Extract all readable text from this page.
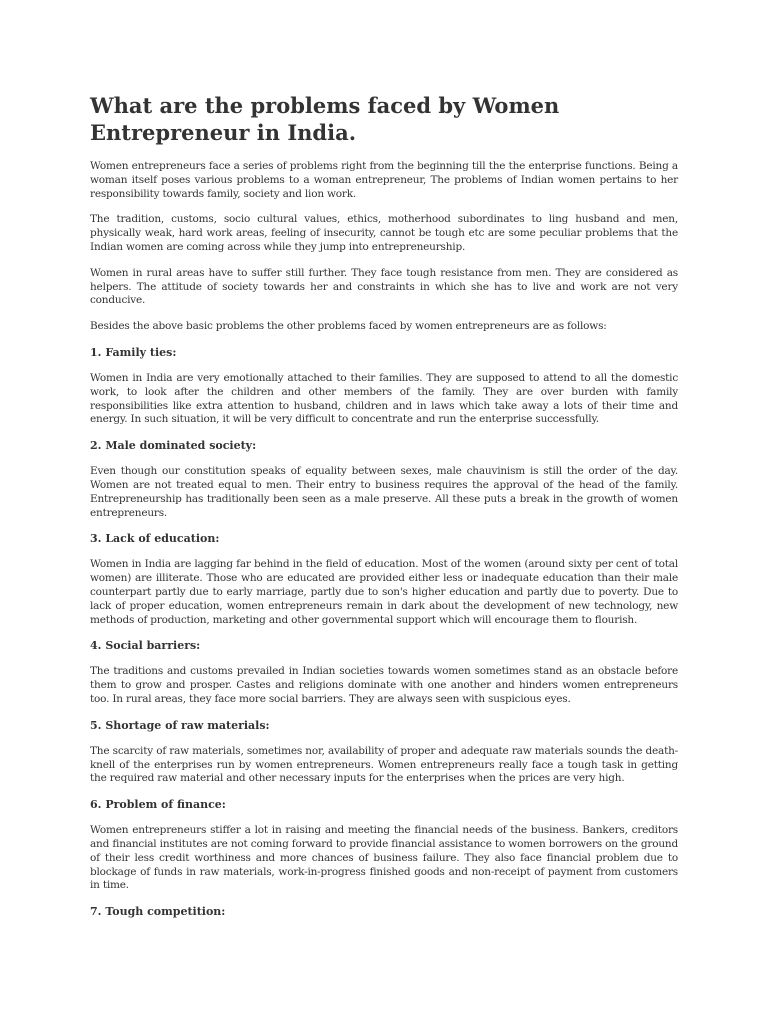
What are the problems faced by Women Entrepreneur in India.

Women entrepreneurs face a series of problems right from the beginning till the the enterprise functions. Being a woman itself poses various problems to a woman entrepreneur, The problems of Indian women pertains to her responsibility towards family, society and lion work.

The tradition, customs, socio cultural values, ethics, motherhood subordinates to ling husband and men, physically weak, hard work areas, feeling of insecurity, cannot be tough etc are some peculiar problems that the Indian women are coming across while they jump into entrepreneurship.

Women in rural areas have to suffer still further. They face tough resistance from men. They are considered as helpers. The attitude of society towards her and constraints in which she has to live and work are not very conducive.

Besides the above basic problems the other problems faced by women entrepreneurs are as follows:

1. Family ties:

Women in India are very emotionally attached to their families. They are supposed to attend to all the domestic work, to look after the children and other members of the family. They are over burden with family responsibilities like extra attention to husband, children and in laws which take away a lots of their time and energy. In such situation, it will be very difficult to concentrate and run the enterprise successfully.

2. Male dominated society:

Even though our constitution speaks of equality between sexes, male chauvinism is still the order of the day. Women are not treated equal to men. Their entry to business requires the approval of the head of the family. Entrepreneurship has traditionally been seen as a male preserve. All these puts a break in the growth of women entrepreneurs.

3. Lack of education:

Women in India are lagging far behind in the field of education. Most of the women (around sixty per cent of total women) are illiterate. Those who are educated are provided either less or inadequate education than their male counterpart partly due to early marriage, partly due to son's higher education and partly due to poverty. Due to lack of proper education, women entrepreneurs remain in dark about the development of new technology, new methods of production, marketing and other governmental support which will encourage them to flourish.

4. Social barriers:

The traditions and customs prevailed in Indian societies towards women sometimes stand as an obstacle before them to grow and prosper. Castes and religions dominate with one another and hinders women entrepreneurs too. In rural areas, they face more social barriers. They are always seen with suspicious eyes.

5. Shortage of raw materials:

The scarcity of raw materials, sometimes nor, availability of proper and adequate raw materials sounds the death-knell of the enterprises run by women entrepreneurs. Women entrepreneurs really face a tough task in getting the required raw material and other necessary inputs for the enterprises when the prices are very high.

6. Problem of finance:

Women entrepreneurs stiffer a lot in raising and meeting the financial needs of the business. Bankers, creditors and financial institutes are not coming forward to provide financial assistance to women borrowers on the ground of their less credit worthiness and more chances of business failure. They also face financial problem due to blockage of funds in raw materials, work-in-progress finished goods and non-receipt of payment from customers in time.

7. Tough competition:
